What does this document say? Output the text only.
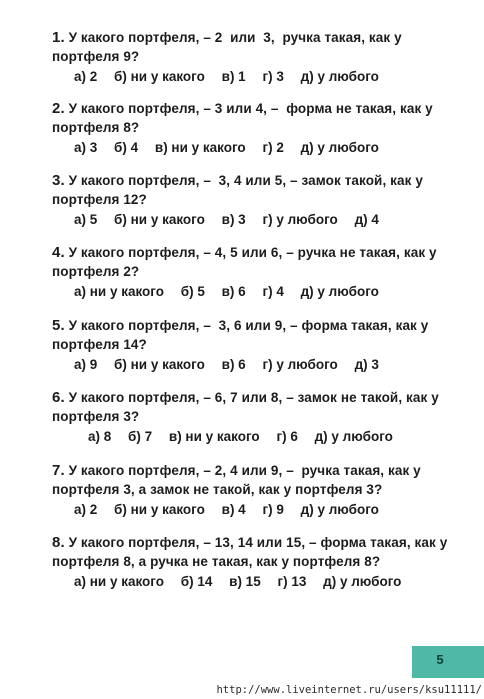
1. У какого портфеля, – 2  или  3,  ручка такая, как у портфеля 9?

а) 2 б) ни у какого в) 1 г) 3 д) у любого

2. У какого портфеля, – 3 или 4, –  форма не такая, как у портфеля 8?

а) 3 б) 4 в) ни у какого г) 2 д) у любого

3. У какого портфеля, –  3, 4 или 5, – замок такой, как у портфеля 12?

а) 5 б) ни у какого в) 3 г) у любого д) 4

4. У какого портфеля, – 4, 5 или 6, – ручка не такая, как у портфеля 2?

а) ни у какого б) 5 в) 6 г) 4 д) у любого

5. У какого портфеля, –  3, 6 или 9, – форма такая, как у портфеля 14?

а) 9 б) ни у какого в) 6 г) у любого д) 3

6. У какого портфеля, – 6, 7 или 8, – замок не такой, как у портфеля 3?

а) 8 б) 7 в) ни у какого г) 6 д) у любого

7. У какого портфеля, – 2, 4 или 9, –  ручка такая, как у портфеля 3, а замок не такой, как у портфеля 3?

а) 2 б) ни у какого в) 4 г) 9 д) у любого

8. У какого портфеля, – 13, 14 или 15, – форма такая, как у портфеля 8, а ручка не такая, как у портфеля 8?

а) ни у какого б) 14 в) 15 г) 13 д) у любого
5
http://www.liveinternet.ru/users/ksu11111/
